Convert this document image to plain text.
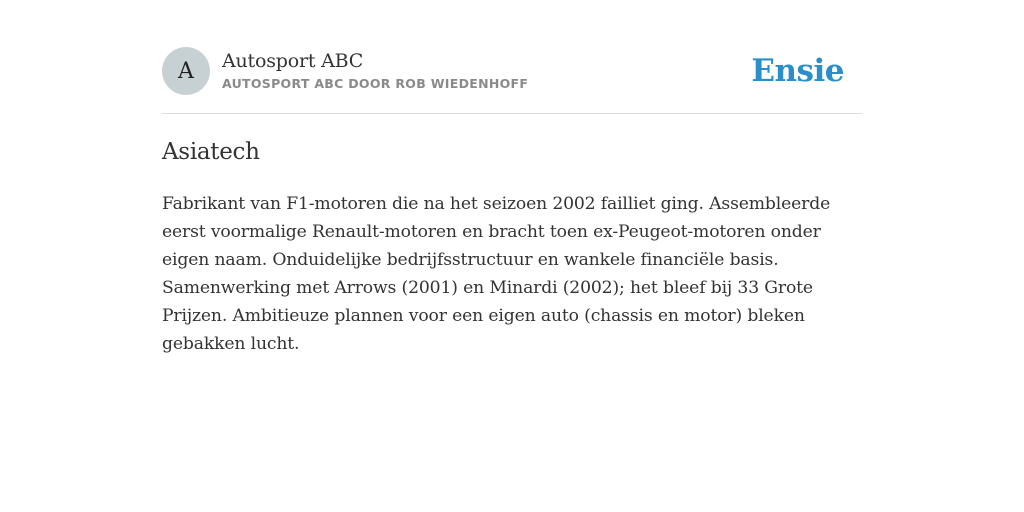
A	Autosport ABC
AUTOSPORT ABC DOOR ROB WIEDENHOFF	Ensie
Asiatech

Fabrikant van F1-motoren die na het seizoen 2002 failliet ging. Assembleerde eerst voormalige Renault-motoren en bracht toen ex-Peugeot-motoren onder eigen naam. Onduidelijke bedrijfsstructuur en wankele financiële basis. Samenwerking met Arrows (2001) en Minardi (2002); het bleef bij 33 Grote Prijzen. Ambitieuze plannen voor een eigen auto (chassis en motor) bleken gebakken lucht.
